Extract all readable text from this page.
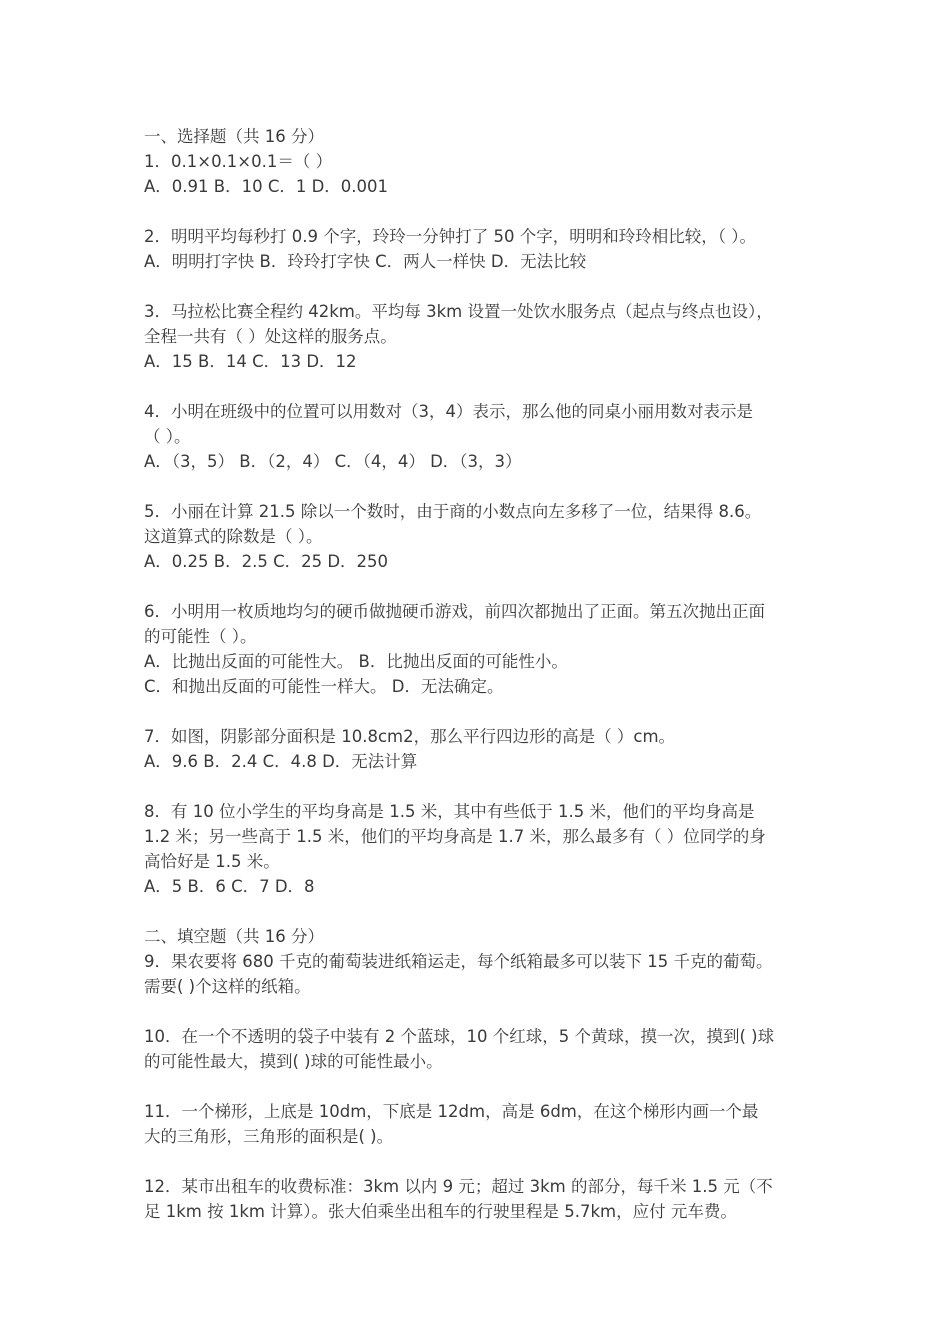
一、选择题（共 16 分）
1．0.1×0.1×0.1＝（ ）
A．0.91 B．10 C．1 D．0.001
2．明明平均每秒打 0.9 个字，玲玲一分钟打了 50 个字，明明和玲玲相比较，（ ）。
A．明明打字快 B．玲玲打字快 C．两人一样快 D．无法比较
3．马拉松比赛全程约 42km。平均每 3km 设置一处饮水服务点（起点与终点也设），
全程一共有（ ）处这样的服务点。
A．15 B．14 C．13 D．12
4．小明在班级中的位置可以用数对（3，4）表示，那么他的同桌小丽用数对表示是
（ ）。
A．（3，5） B．（2，4） C．（4，4） D．（3，3）
5．小丽在计算 21.5 除以一个数时，由于商的小数点向左多移了一位，结果得 8.6。
这道算式的除数是（ ）。
A．0.25 B．2.5 C．25 D．250
6．小明用一枚质地均匀的硬币做抛硬币游戏，前四次都抛出了正面。第五次抛出正面
的可能性（ ）。
A．比抛出反面的可能性大。 B．比抛出反面的可能性小。
C．和抛出反面的可能性一样大。 D．无法确定。
7．如图，阴影部分面积是 10.8cm2，那么平行四边形的高是（ ）cm。
A．9.6 B．2.4 C．4.8 D．无法计算
8．有 10 位小学生的平均身高是 1.5 米，其中有些低于 1.5 米，他们的平均身高是
1.2 米；另一些高于 1.5 米，他们的平均身高是 1.7 米，那么最多有（ ）位同学的身
高恰好是 1.5 米。
A．5 B．6 C．7 D．8
二、填空题（共 16 分）
9．果农要将 680 千克的葡萄装进纸箱运走，每个纸箱最多可以装下 15 千克的葡萄。
需要( )个这样的纸箱。
10．在一个不透明的袋子中装有 2 个蓝球，10 个红球，5 个黄球，摸一次，摸到( )球
的可能性最大，摸到( )球的可能性最小。
11．一个梯形，上底是 10dm，下底是 12dm，高是 6dm，在这个梯形内画一个最
大的三角形，三角形的面积是( )。
12．某市出租车的收费标准：3km 以内 9 元；超过 3km 的部分，每千米 1.5 元（不
足 1km 按 1km 计算）。张大伯乘坐出租车的行驶里程是 5.7km，应付 元车费。
